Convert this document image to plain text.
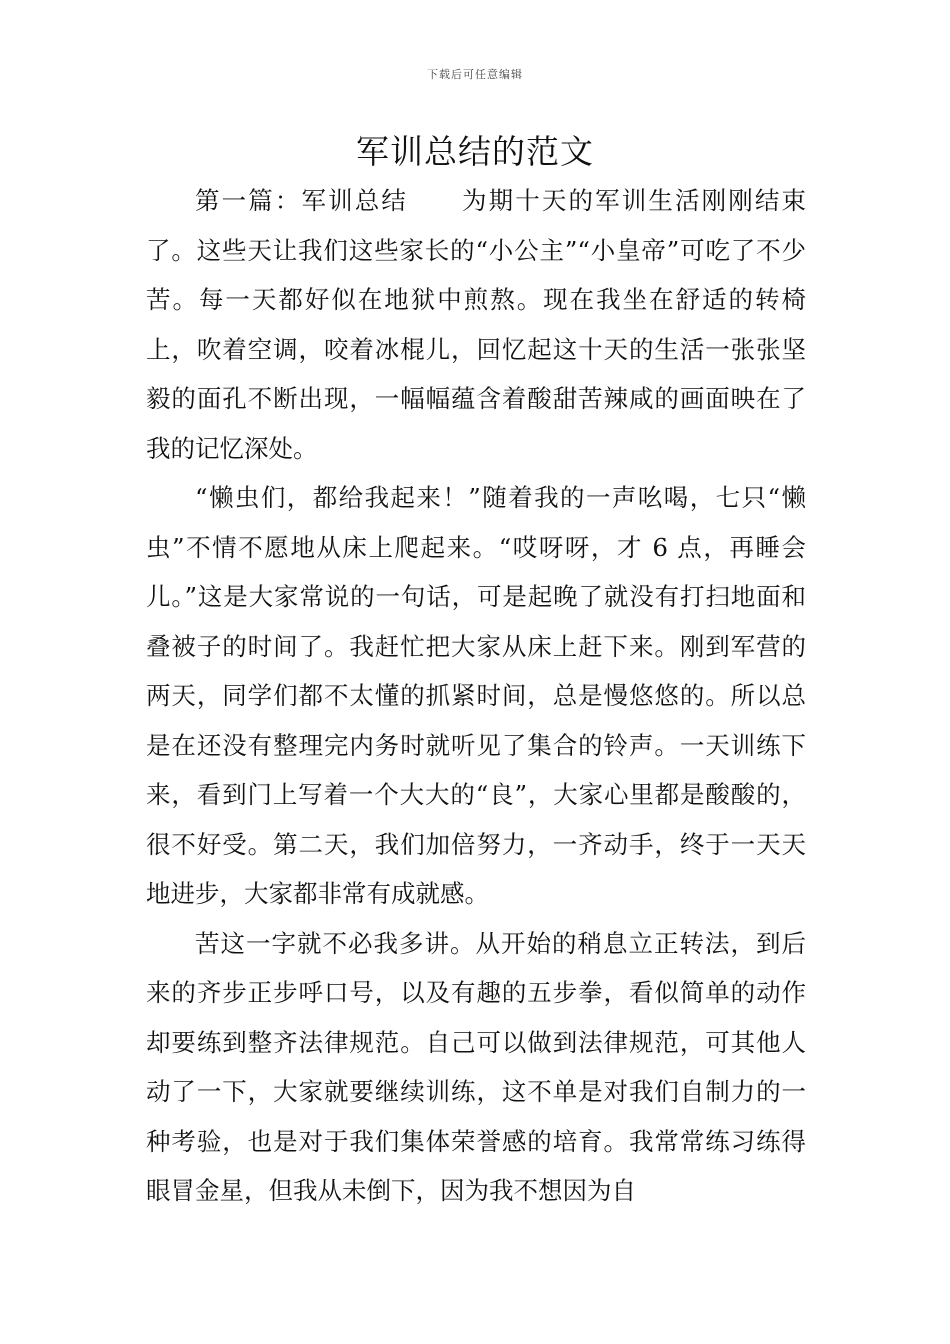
下载后可任意编辑
军训总结的范文

第一篇：军训总结 为期十天的军训生活刚刚结束了。这些天让我们这些家长的“小公主”“小皇帝”可吃了不少苦。每一天都好似在地狱中煎熬。现在我坐在舒适的转椅上，吹着空调，咬着冰棍儿，回忆起这十天的生活一张张坚毅的面孔不断出现，一幅幅蕴含着酸甜苦辣咸的画面映在了我的记忆深处。

“懒虫们，都给我起来！”随着我的一声吆喝，七只“懒虫”不情不愿地从床上爬起来。“哎呀呀，才 6 点，再睡会儿。”这是大家常说的一句话，可是起晚了就没有打扫地面和叠被子的时间了。我赶忙把大家从床上赶下来。刚到军营的两天，同学们都不太懂的抓紧时间，总是慢悠悠的。所以总是在还没有整理完内务时就听见了集合的铃声。一天训练下来，看到门上写着一个大大的“良”，大家心里都是酸酸的，很不好受。第二天，我们加倍努力，一齐动手，终于一天天地进步，大家都非常有成就感。

苦这一字就不必我多讲。从开始的稍息立正转法，到后来的齐步正步呼口号，以及有趣的五步拳，看似简单的动作却要练到整齐法律规范。自己可以做到法律规范，可其他人动了一下，大家就要继续训练，这不单是对我们自制力的一种考验，也是对于我们集体荣誉感的培育。我常常练习练得眼冒金星，但我从未倒下，因为我不想因为自
